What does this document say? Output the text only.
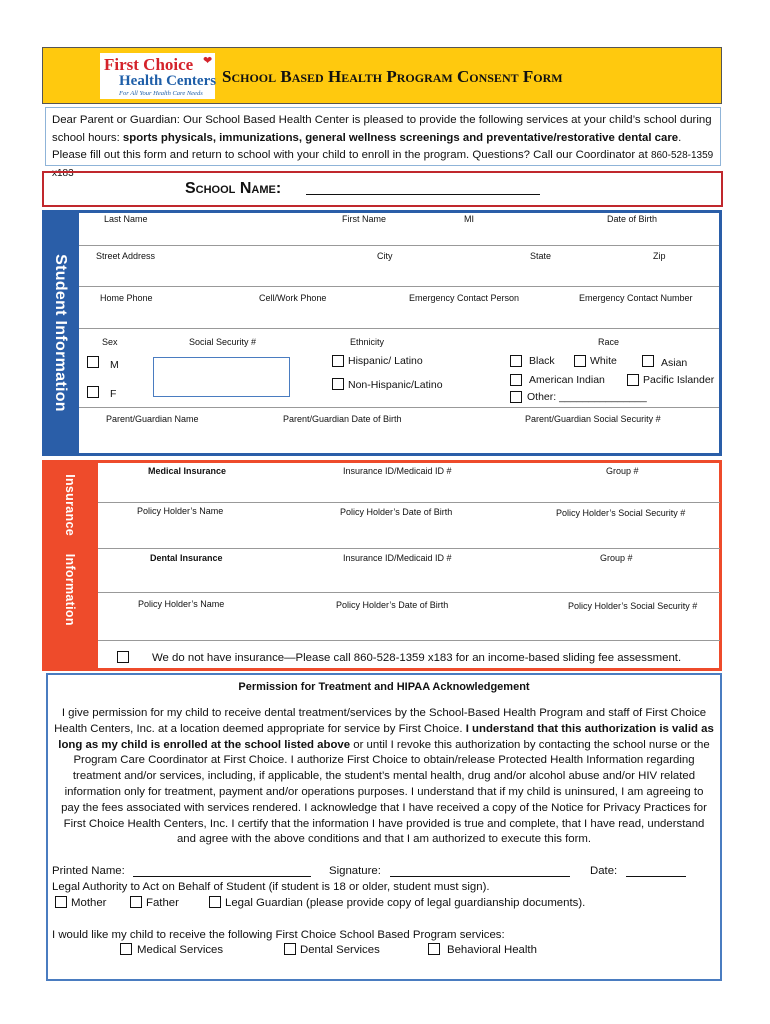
First Choice ❤
Health Centers
For All Your Health Care Needs
School Based Health Program Consent Form
Dear Parent or Guardian: Our School Based Health Center is pleased to provide the following services at your child’s school during school hours: sports physicals, immunizations, general wellness screenings and preventative/restorative dental care. Please fill out this form and return to school with your child to enroll in the program. Questions? Call our Coordinator at 860-528-1359 x183
School Name:
Student Information
Last Name	First Name	MI	Date of Birth
Street Address	City	State	Zip
Home Phone	Cell/Work Phone	Emergency Contact Person	Emergency Contact Number
Sex	Social Security #	Ethnicity	Race
M
F
Hispanic/ Latino
Non-Hispanic/Latino
Black	White	Asian
American Indian	Pacific Islander
Other: _______________
Parent/Guardian Name	Parent/Guardian Date of Birth	Parent/Guardian Social Security #
Insurance Information
Medical Insurance	Insurance ID/Medicaid ID #	Group #
Policy Holder’s Name	Policy Holder’s Date of Birth	Policy Holder’s Social Security #
Dental Insurance	Insurance ID/Medicaid ID #	Group #
Policy Holder’s Name	Policy Holder’s Date of Birth	Policy Holder’s Social Security #
We do not have insurance—Please call 860-528-1359 x183 for an income-based sliding fee assessment.
Permission for Treatment and HIPAA Acknowledgement
I give permission for my child to receive dental treatment/services by the School-Based Health Program and staff of First Choice Health Centers, Inc. at a location deemed appropriate for service by First Choice. I understand that this authorization is valid as long as my child is enrolled at the school listed above or until I revoke this authorization by contacting the school nurse or the Program Care Coordinator at First Choice. I authorize First Choice to obtain/release Protected Health Information regarding treatment and/or services, including, if applicable, the student’s mental health, drug and/or alcohol abuse and/or HIV related information only for treatment, payment and/or operations purposes. I understand that if my child is uninsured, I am agreeing to pay the fees associated with services rendered. I acknowledge that I have received a copy of the Notice for Privacy Practices for First Choice Health Centers, Inc. I certify that the information I have provided is true and complete, that I have read, understand and agree with the above conditions and that I am authorized to execute this form.
Printed Name:	Signature:	Date:
Legal Authority to Act on Behalf of Student (if student is 18 or older, student must sign).
Mother	Father	Legal Guardian (please provide copy of legal guardianship documents).
I would like my child to receive the following First Choice School Based Program services:
Medical Services	Dental Services	Behavioral Health
